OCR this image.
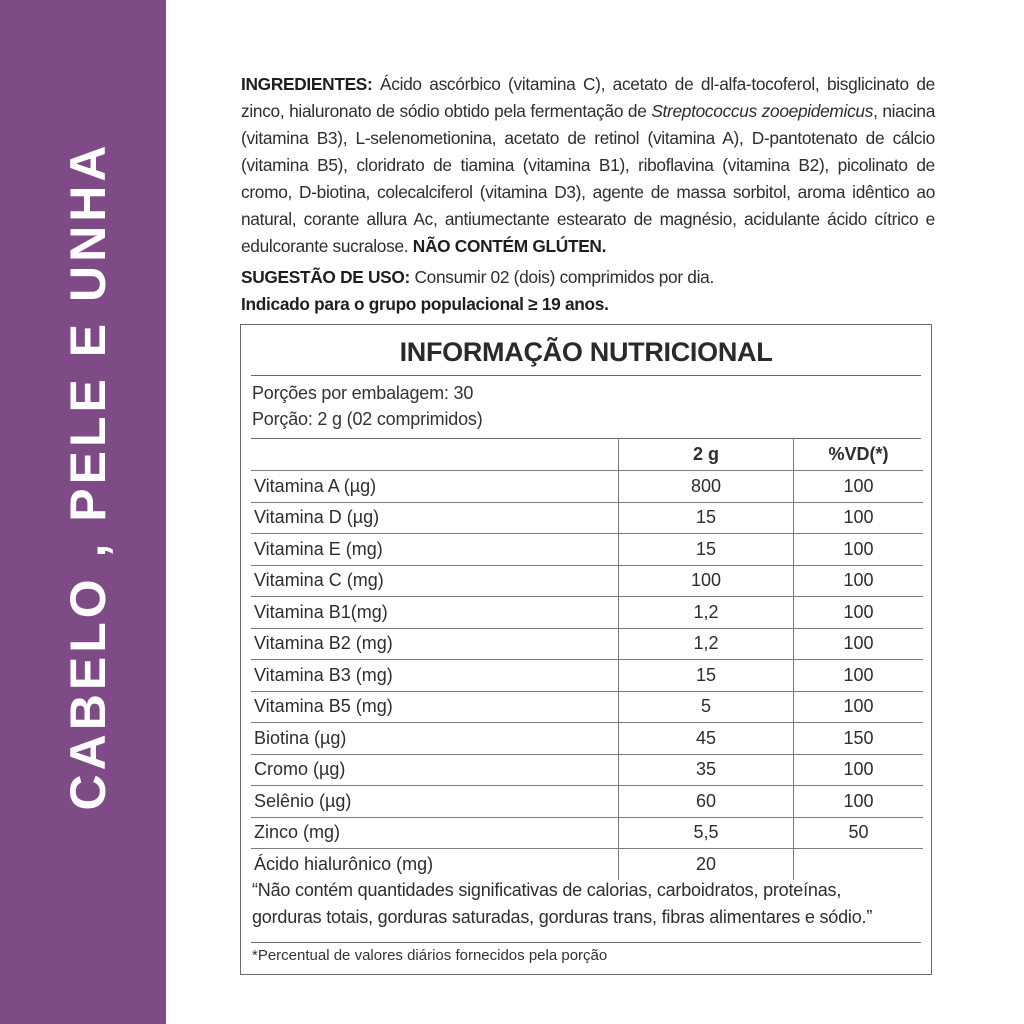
CABELO , PELE E UNHA
INGREDIENTES: Ácido ascórbico (vitamina C), acetato de dl-alfa-tocoferol, bisglicinato de zinco, hialuronato de sódio obtido pela fermentação de Streptococcus zooepidemicus, niacina (vitamina B3), L-selenometionina, acetato de retinol (vitamina A), D-pantotenato de cálcio (vitamina B5), cloridrato de tiamina (vitamina B1), riboflavina (vitamina B2), picolinato de cromo, D-biotina, colecalciferol (vitamina D3), agente de massa sorbitol, aroma idêntico ao natural, corante allura Ac, antiumectante estearato de magnésio, acidulante ácido cítrico e edulcorante sucralose. NÃO CONTÉM GLÚTEN.
SUGESTÃO DE USO: Consumir 02 (dois) comprimidos por dia.
Indicado para o grupo populacional ≥ 19 anos.
INFORMAÇÃO NUTRICIONAL
Porções por embalagem: 30
Porção: 2 g (02 comprimidos)
	2 g	%VD(*)
Vitamina A (µg)	800	100
Vitamina D (µg)	15	100
Vitamina E (mg)	15	100
Vitamina C (mg)	100	100
Vitamina B1(mg)	1,2	100
Vitamina B2 (mg)	1,2	100
Vitamina B3 (mg)	15	100
Vitamina B5 (mg)	5	100
Biotina (µg)	45	150
Cromo (µg)	35	100
Selênio (µg)	60	100
Zinco (mg)	5,5	50
Ácido hialurônico (mg)	20	
“Não contém quantidades significativas de calorias, carboidratos, proteínas,
gorduras totais, gorduras saturadas, gorduras trans, fibras alimentares e sódio.”
*Percentual de valores diários fornecidos pela porção
